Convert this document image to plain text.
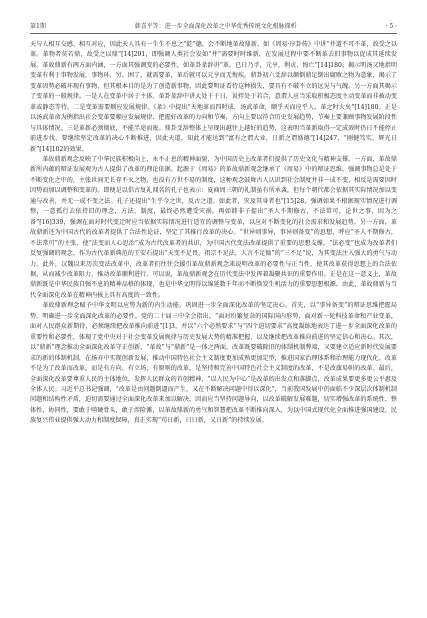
第1期	韩喜平等：进一步全面深化改革之中华优秀传统文化根脉探析	· 5 ·

天与人相互交感、相互对应，因此天人具有一生生不息之“乾”德，会不断地革故鼎新。如《周易·序卦传》中讲“井道不可不革，故受之以革。革物者莫若鼎，故受之以鼎”[14]291，即强调人类社会发如“井”需要时时维新，在发展过程中要不断革去旧事物以促成其延续发展。革故鼎新有两方面内涵，一方面其强调变的必要性，如革卦彖辞讲“革，已日乃孚，元亨，利贞，悔亡”[14]180，揭示明汤又地指明变革有利于事物发展，事物环、穷、困了，就需要革，革后就可以元亨而无悔疾。鼎卦初六爻辞以颠倒鼎足倒出腐败之物为意象，揭示了变革因势必破坏现有事物，但其根本目的是为了创造新事物，因此要明证看待这种损失，要具有不破不立的远见与气魄。另一方面其揭示了变革的一般规律。一是人在变革中居于主体。革卦彖辞中讲大处于于日，说拌处于若合，意谓人应当采取积极态度主动变革而非被动变革或静态等待。二是变革需要顺应发展规律。《彖》中提出“天地革而四时成，汤武革命，顺乎天而应乎人。革之时大矣”[14]180。正是以汤武革命为例指出社会变革要顺应发展规律、把握好改革的力向和节奏，方向上要以符合历史发展趋势，节奏上要兼顾事物发展阶段性与具体情况。三是革新必须彻底，不能半途而废。鼎卦爻辞整体上呈现出越往上越好的趋势，这表明当革新取得一定成效时仍日不能停止前进步伐，要继续坚定改革的决心不断推进，因此天道，知此才能达到“富有之谓大业，日新之谓盛德”[14]247，“刚健笃实，辉光日新”[14]102的效果。

革故鼎新观念反映了中华民族积极向上、永不止息的精神面貌，为中国历史上改革者们提供了历史文化与精神支撑。一方面，革故鼎新所内蕴的辩证发展观为古人提供了改革的理论依据。起源于《周易》的革故鼎新观念继承了《周易》中的辩证思维，强调事物总是处于不断变化之中的，主张世间无长存不灭之物，也没有万世不易的制度，这种观念鼓舞古人认识到社会制度并非一成不变，相反是需要因时因势而加以调整和变革的。即便是以倡古复礼闻名的孔子也表示：夏商周三朝的礼制虽有所承袭，但每个朝代都会依据其实际情况加以变通与改善，并无一成不变之法。孔子还提出“生乎今之世，反古之道。如此者，灾及其身者也”[15]28，强调如果不根据现实情况进行调整，一意孤行去依持旧的理念，方法、制度，最终必然遭受灾祸。再如韩非子提出“圣人不期修古，不法常可，论世之事，因为之备”[16]339，强调在面对时代变迁时应当依据实际情况进行适宜的调整与变革，以应对不断变化的社会需求和发展趋势。另一方面，革故鼎新还为中国古代的改革者提供了合法性论证，坚定了其推行改革的决心。“世异则事异，事异则备变”的思想，呼应“圣人不期修古，不法常可”的主张，使“法变而人心思治”成为古代改革者的共识，为中国古代变法改革提供了重要的思想支撑。“法必变”也成为改革者们反复强调的观念。作为古代革新典范的王安石提出“天变不足畏，祖宗不足法，人言不足恤”的“三不足”说，为其变法注入强大的勇气与动力。此外，汉魏以来历次变法改革中，改革者们往往会援引革故鼎新观念来说明改革的必要性与正当性，使其改革获得思想上的合法依据，从而减少改革阻力，推动改革顺利进行。可以说，革故鼎新观念在历代变法中发挥着凝聚共识的重要作用。正是在这一意义上，革故鼎新既是中华民族自强不息的精神品格的体现，也是中华文明得以绵延数千年而不断焕发生机活力的重要思想根源。由此，革故鼎新与当代全面深化改革在精神内核上具有高度的一致性。

革故鼎新理念赋予中华文明以应势为新的内生动能，巩固进一步全面深化改革的坚定决心。首先，以“事异备变”的辩证思维把握局势，明确进一步全面深化改革的必要性。党的二十届三中全会指出，“面对纷繁复杂的国际国内形势，面对新一轮科技革命和产业变革，面对人民群众新期待，必须继续把改革推向前进”[1]3，并以“六个必然要求”与“四个迫切要求”高度凝练地表达了进一步全面深化改革的重要性和必要性，体现了党中央对于社会变革发展规律与历史发展大势的精准把握，以及继续把改革推向前进的坚定信心和决心。其次，以“鼎新”理念推动全面深化改革守正创新，“革故”与“鼎新”是一体之两面，改革既要破除旧的体制机制弊端，又要建立适应新时代发展要求的新的体制机制，在扬弃中实现创新发展，推动中国特色社会主义制度更加成熟更加定型，推进国家治理体系和治理能力现代化。改革不是为了改革而改革，而是有方向、有立场、有原则的改革，是坚持和完善中国特色社会主义制度的改革，不是改旗易帜的改革。最后，全面深化改革要尊重人民的主体地位，发挥人民群众的首创精神，“以人民为中心”是改革的出发点和落脚点，改革成果要更多更公平惠及全体人民。习近平总书记强调，“改革是由问题倒逼而产生，又在不断解决问题中得以深化”，当前我国发展中仍面临不少深层次体制机制问题和结构性矛盾，迫切需要通过全面深化改革来加以解决，因而应当坚持问题导向，以改革破解发展难题，切实增强改革的系统性、整体性、协同性，要敢于啃硬骨头，敢于涉险滩，以革故鼎新的勇气和智慧把改革不断推向深入，为以中国式现代化全面推进强国建设、民族复兴伟业提供强大动力和制度保障，真正实现“苟日新，日日新，又日新”的持续发展。
